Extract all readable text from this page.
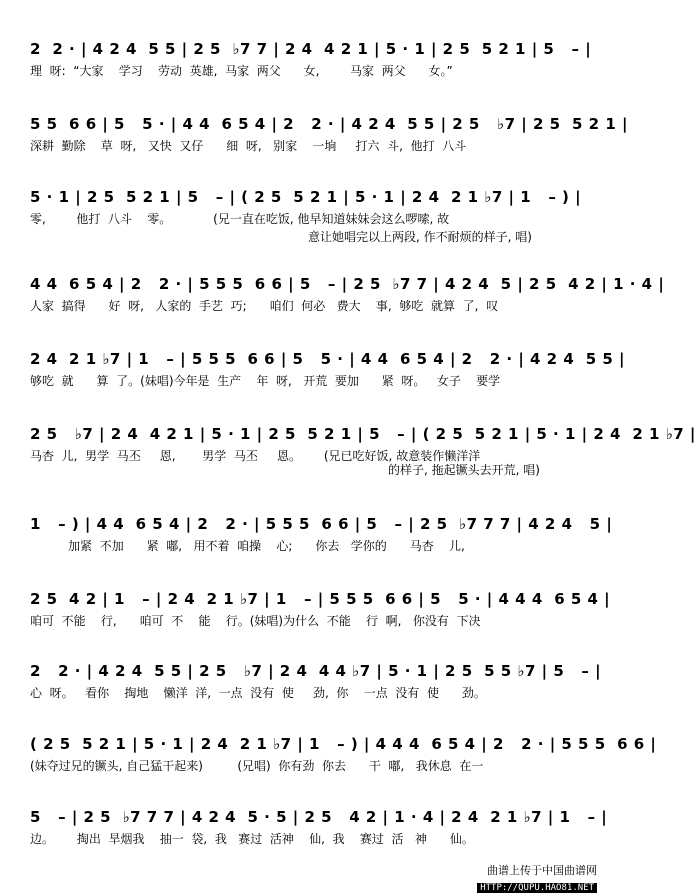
2  2 · | 4 2 4  5 5 | 2 5  ♭7 7 | 2 4  4 2 1 | 5 · 1 | 2 5  5 2 1 | 5   – |
理  呀:  “大家    学习    劳动  英雄,  马家  两父      女,        马家  两父      女。”
5 5  6 6 | 5   5 · | 4 4  6 5 4 | 2   2 · | 4 2 4  5 5 | 2 5   ♭7 | 2 5  5 2 1 |
深耕  勤除    草  呀,   又快  又仔      细  呀,   别家    一垧     打六  斗,  他打  八斗
5 · 1 | 2 5  5 2 1 | 5   – | ( 2 5  5 2 1 | 5 · 1 | 2 4  2 1 ♭7 | 1   – ) |
零,        他打  八斗    零。           (兄一直在吃饭, 他早知道妹妹会这么啰嗦, 故
意让她唱完以上两段, 作不耐烦的样子, 唱)
4 4  6 5 4 | 2   2 · | 5 5 5  6 6 | 5   – | 2 5  ♭7 7 | 4 2 4  5 | 2 5  4 2 | 1 · 4 |
人家  搞得      好  呀,   人家的  手艺  巧;      咱们  何必   费大    事,  够吃  就算  了,  叹
2 4  2 1 ♭7 | 1   – | 5 5 5  6 6 | 5   5 · | 4 4  6 5 4 | 2   2 · | 4 2 4  5 5 |
够吃  就      算  了。(妹唱)今年是  生产    年  呀,   开荒  要加      紧  呀。   女子    要学
2 5   ♭7 | 2 4  4 2 1 | 5 · 1 | 2 5  5 2 1 | 5   – | ( 2 5  5 2 1 | 5 · 1 | 2 4  2 1 ♭7 |
马杏  儿,  男学  马丕     恩,       男学  马丕     恩。      (兄已吃好饭, 故意装作懒洋洋
的样子, 拖起镢头去开荒, 唱)
1   – ) | 4 4  6 5 4 | 2   2 · | 5 5 5  6 6 | 5   – | 2 5  ♭7 7 7 | 4 2 4   5 |
加紧  不加      紧  嘟,   用不着  咱操    心;      你去   学你的      马杏    儿,
2 5  4 2 | 1   – | 2 4  2 1 ♭7 | 1   – | 5 5 5  6 6 | 5   5 · | 4 4 4  6 5 4 |
咱可  不能    行,      咱可  不    能    行。(妹唱)为什么  不能    行  啊,   你没有  下决
2   2 · | 4 2 4  5 5 | 2 5   ♭7 | 2 4  4 4 ♭7 | 5 · 1 | 2 5  5 5 ♭7 | 5   – |
心  呀。   看你    掏地    懒洋  洋,  一点  没有  使     劲,  你    一点  没有  使      劲。
( 2 5  5 2 1 | 5 · 1 | 2 4  2 1 ♭7 | 1   – ) | 4 4 4  6 5 4 | 2   2 · | 5 5 5  6 6 |
(妹夺过兄的镢头, 自己猛干起来)         (兄唱)  你有劲  你去      干  嘟,   我休息  在一
5   – | 2 5  ♭7 7 7 | 4 2 4  5 · 5 | 2 5   4 2 | 1 · 4 | 2 4  2 1 ♭7 | 1   – |
边。      掏出  旱烟我    抽一  袋,  我   赛过  活神    仙,  我    赛过  活   神      仙。
曲谱上传于中国曲谱网
HTTP://QUPU.HAO81.NET
